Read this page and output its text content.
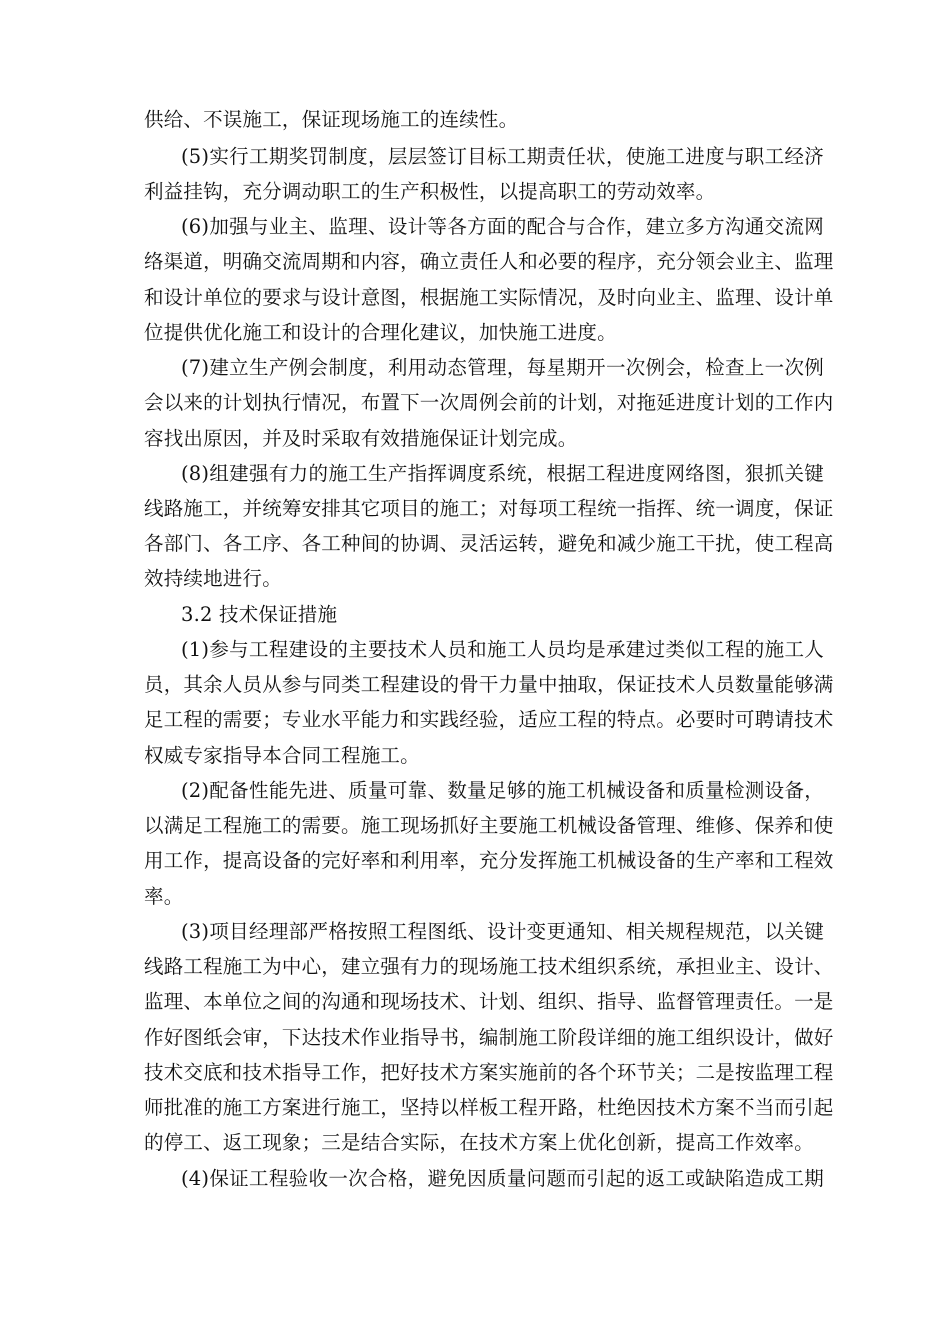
供给、不误施工，保证现场施工的连续性。
(5)实行工期奖罚制度，层层签订目标工期责任状，使施工进度与职工经济
利益挂钩，充分调动职工的生产积极性，以提高职工的劳动效率。
(6)加强与业主、监理、设计等各方面的配合与合作，建立多方沟通交流网
络渠道，明确交流周期和内容，确立责任人和必要的程序，充分领会业主、监理
和设计单位的要求与设计意图，根据施工实际情况，及时向业主、监理、设计单
位提供优化施工和设计的合理化建议，加快施工进度。
(7)建立生产例会制度，利用动态管理，每星期开一次例会，检查上一次例
会以来的计划执行情况，布置下一次周例会前的计划，对拖延进度计划的工作内
容找出原因，并及时采取有效措施保证计划完成。
(8)组建强有力的施工生产指挥调度系统，根据工程进度网络图，狠抓关键
线路施工，并统筹安排其它项目的施工；对每项工程统一指挥、统一调度，保证
各部门、各工序、各工种间的协调、灵活运转，避免和减少施工干扰，使工程高
效持续地进行。
3.2 技术保证措施
(1)参与工程建设的主要技术人员和施工人员均是承建过类似工程的施工人
员，其余人员从参与同类工程建设的骨干力量中抽取，保证技术人员数量能够满
足工程的需要；专业水平能力和实践经验，适应工程的特点。必要时可聘请技术
权威专家指导本合同工程施工。
(2)配备性能先进、质量可靠、数量足够的施工机械设备和质量检测设备，
以满足工程施工的需要。施工现场抓好主要施工机械设备管理、维修、保养和使
用工作，提高设备的完好率和利用率，充分发挥施工机械设备的生产率和工程效
率。
(3)项目经理部严格按照工程图纸、设计变更通知、相关规程规范，以关键
线路工程施工为中心，建立强有力的现场施工技术组织系统，承担业主、设计、
监理、本单位之间的沟通和现场技术、计划、组织、指导、监督管理责任。一是
作好图纸会审，下达技术作业指导书，编制施工阶段详细的施工组织设计，做好
技术交底和技术指导工作，把好技术方案实施前的各个环节关；二是按监理工程
师批准的施工方案进行施工，坚持以样板工程开路，杜绝因技术方案不当而引起
的停工、返工现象；三是结合实际，在技术方案上优化创新，提高工作效率。
(4)保证工程验收一次合格，避免因质量问题而引起的返工或缺陷造成工期
